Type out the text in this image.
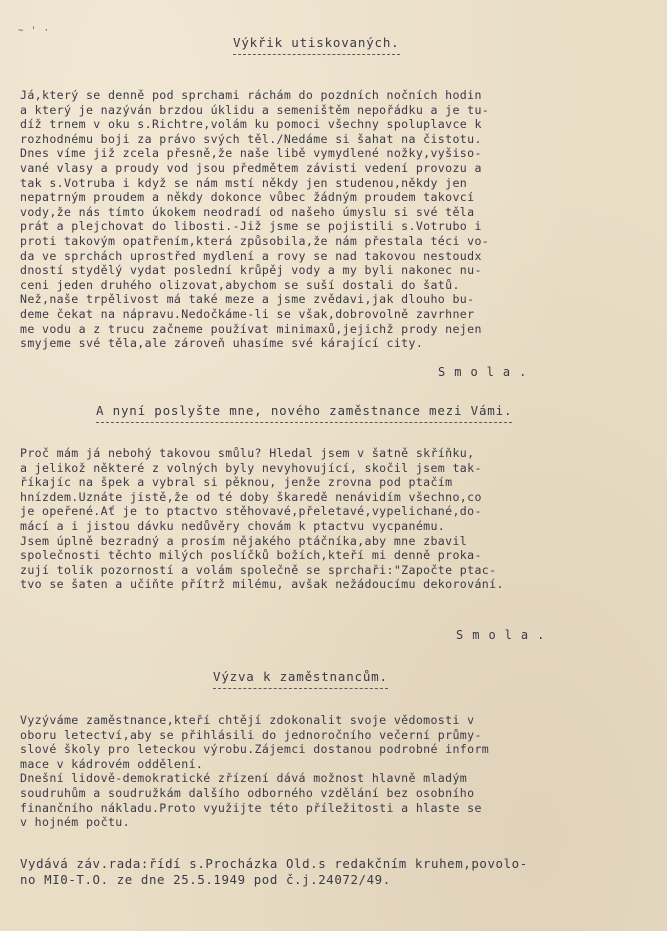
~ ' ·
Výkřik utiskovaných.
Já,který se denně pod sprchami ráchám do pozdních nočních hodin
a který je nazýván brzdou úklidu a semeništěm nepořádku a je tu-
díž trnem v oku s.Richtre,volám ku pomoci všechny spoluplavce k
rozhodnému boji za právo svých těl./Nedáme si šahat na čistotu.
Dnes víme již zcela přesně,že naše libě vymydlené nožky,vyšiso-
vané vlasy a proudy vod jsou předmětem závisti vedení provozu a
tak s.Votruba i když se nám mstí někdy jen studenou,někdy jen
nepatrným proudem a někdy dokonce vůbec žádným proudem takovcí
vody,že nás tímto úkokem neodradí od našeho úmyslu si své těla
prát a plejchovat do libosti.-Již jsme se pojistili s.Votrubo i
proti takovým opatřením,která způsobila,že nám přestala téci vo-
da ve sprchách uprostřed mydlení a rovy se nad takovou nestoudx
dností stydělý vydat poslední krůpěj vody a my byli nakonec nu-
ceni jeden druhého olizovat,abychom se suší dostali do šatů.
Než,naše trpělivost má také meze a jsme zvědavi,jak dlouho bu-
deme čekat na nápravu.Nedočkáme-li se však,dobrovolně zavrhner
me vodu a z trucu začneme používat minimaxů,jejichž prody nejen
smyjeme své těla,ale zároveň uhasíme své kárající city.
Smola.
A nyní poslyšte mne, nového zaměstnance mezi Vámi.
Proč mám já nebohý takovou smůlu? Hledal jsem v šatně skříňku,
a jelikož některé z volných byly nevyhovující, skočil jsem tak-
říkajíc na špek a vybral si pěknou, jenže zrovna pod ptačím
hnízdem.Uznáte jistě,že od té doby škaredě nenávidím všechno,co
je opeřené.Ať je to ptactvo stěhovavé,přeletavé,vypelichané,do-
mácí a i jistou dávku nedůvěry chovám k ptactvu vycpanému.
Jsem úplně bezradný a prosím nějakého ptáčníka,aby mne zbavil
společnosti těchto milých poslíčků božích,kteří mi denně proka-
zují tolik pozorností a volám společně se sprchaři:"Započte ptac-
tvo se šaten a učiňte přítrž milému, avšak nežádoucímu dekorování.
Smola.
Výzva k zaměstnancům.
Vyzýváme zaměstnance,kteří chtějí zdokonalit svoje vědomosti v
oboru letectví,aby se přihlásili do jednoročního večerní průmy-
slové školy pro leteckou výrobu.Zájemci dostanou podrobné inform
mace v kádrovém oddělení.
Dnešní lidově-demokratické zřízení dává možnost hlavně mladým
soudruhům a soudružkám dalšího odborného vzdělání bez osobního
finančního nákladu.Proto využijte této příležitosti a hlaste se
v hojném počtu.
Vydává záv.rada:řídí s.Procházka Old.s redakčním kruhem,povolo-
no MI0-T.O. ze dne 25.5.1949 pod č.j.24072/49.
